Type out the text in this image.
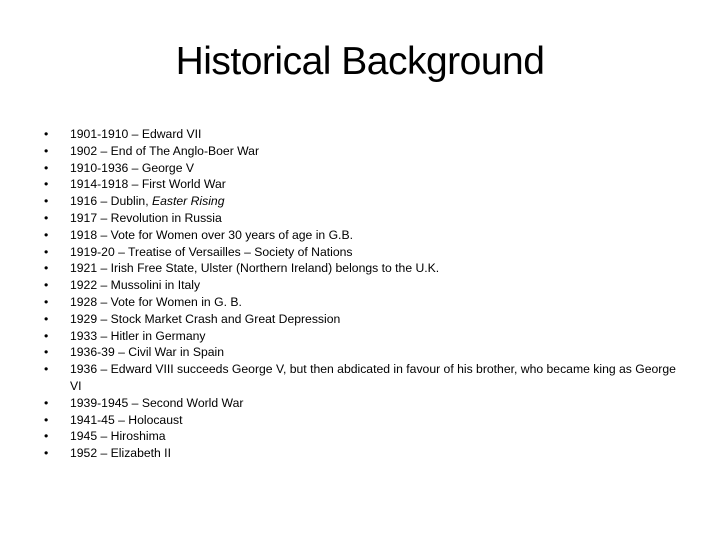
Historical Background
• 1901-1910 – Edward VII
• 1902 – End of The Anglo-Boer War
• 1910-1936 – George V
• 1914-1918 – First World War
• 1916 – Dublin, Easter Rising
• 1917 – Revolution in Russia
• 1918 – Vote for Women over 30 years of age in G.B.
• 1919-20 – Treatise of Versailles – Society of Nations
• 1921 – Irish Free State, Ulster (Northern Ireland) belongs to the U.K.
• 1922 – Mussolini in Italy
• 1928 – Vote for Women in G. B.
• 1929 – Stock Market Crash and Great Depression
• 1933 – Hitler in Germany
• 1936-39 – Civil War in Spain
• 1936 – Edward VIII succeeds George V, but then abdicated in favour of his brother, who became king as George VI
• 1939-1945 – Second World War
• 1941-45 – Holocaust
• 1945 – Hiroshima
• 1952 – Elizabeth II
